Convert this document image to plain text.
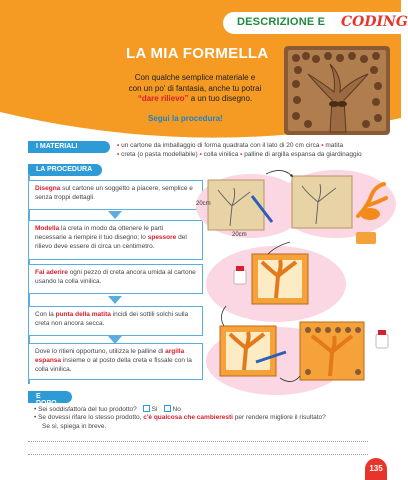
DESCRIZIONE E CODING
LA MIA FORMELLA
Con qualche semplice materiale e
con un po' di fantasia, anche tu potrai
“dare rilievo” a un tuo disegno.
Segui la procedura!
I MATERIALI	• un cartone da imballaggio di forma quadrata con il lato di 20 cm circa • matita
• creta (o pasta modellabile) • colla vinilica • palline di argilla espansa da giardinaggio
LA PROCEDURA
Disegna sul cartone un soggetto a piacere, semplice e senza troppi dettagli.
Modella la creta in modo da ottenere le parti necessarie a riempire il tuo disegno; lo spessore del rilievo deve essere di circa un centimetro.
Fai aderire ogni pezzo di creta ancora umida al cartone usando la colla vinilica.
Con la punta della matita incidi dei sottili solchi sulla creta non ancora secca.
Dove lo ritieni opportuno, utilizza le palline di argilla espansa insieme o al posto della creta e fissale con la colla vinilica.
20cm
20cm
E DOPO...
• Sei soddisfatto/a del tuo prodotto? Sì No
• Se dovessi rifare lo stesso prodotto, c'è qualcosa che cambieresti per rendere migliore il risultato?
Se sì, spiega in breve.
135
